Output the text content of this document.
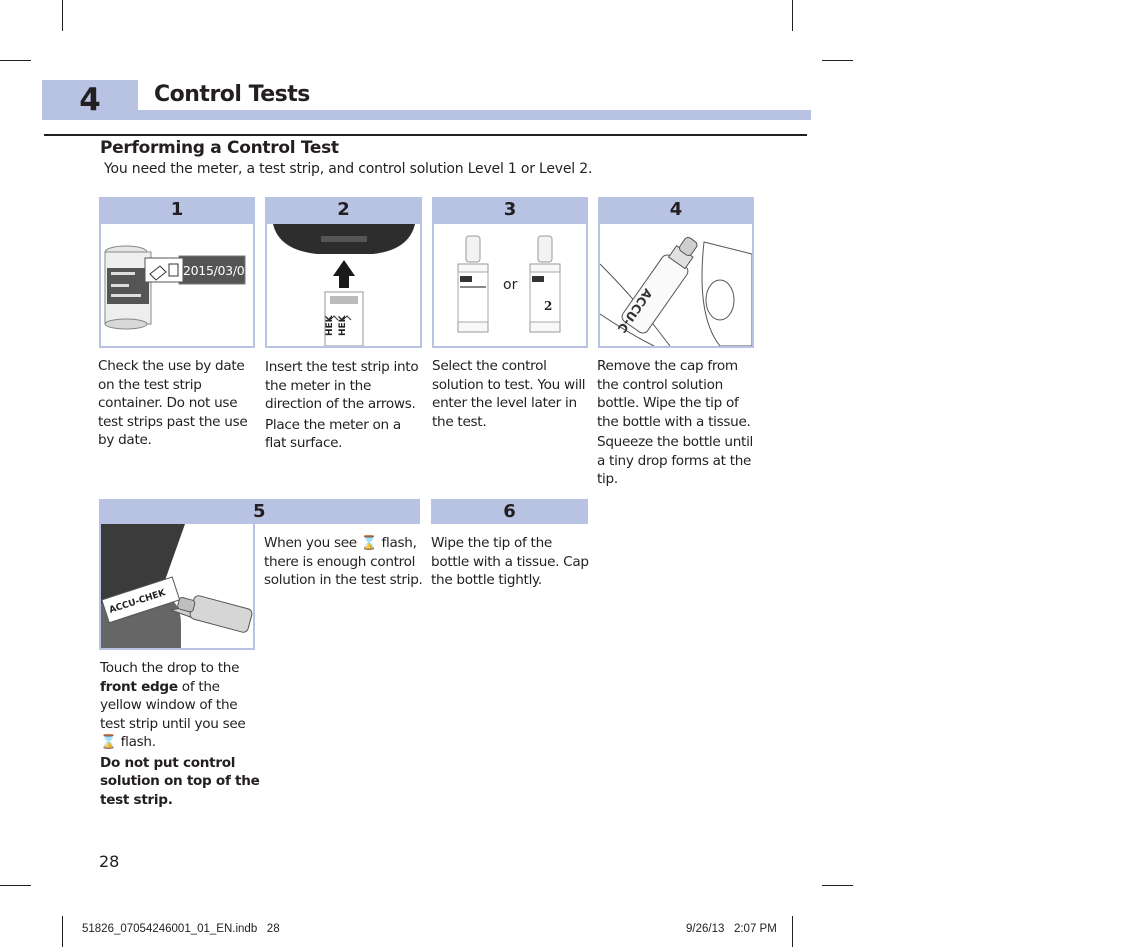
4	Control Tests
Performing a Control Test
You need the meter, a test strip, and control solution Level 1 or Level 2.
1
2015/03/01

Check the use by date on the test strip container. Do not use test strips past the use by date.

2
HEK HEK

Insert the test strip into the meter in the direction of the arrows.

Place the meter on a flat surface.

3
2
or

Select the control solution to test. You will enter the level later in the test.

4
ACCU-C

Remove the cap from the control solution bottle. Wipe the tip of the bottle with a tissue.

Squeeze the bottle until a tiny drop forms at the tip.

5
ACCU-CHEK

When you see ⌛ flash, there is enough control solution in the test strip.

Touch the drop to the front edge of the yellow window of the test strip until you see ⌛ flash.

Do not put control solution on top of the test strip.

6

Wipe the tip of the bottle with a tissue. Cap the bottle tightly.

28
51826_07054246001_01_EN.indb   28	9/26/13   2:07 PM
